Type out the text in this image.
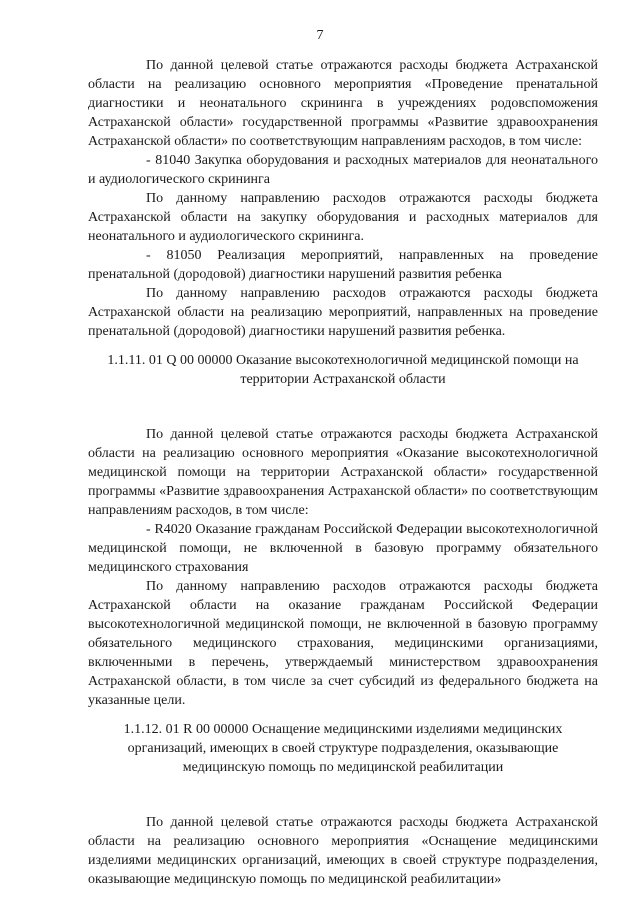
7

По данной целевой статье отражаются расходы бюджета Астраханской области на реализацию основного мероприятия «Проведение пренатальной диагностики и неонатального скрининга в учреждениях родовспоможения Астраханской области» государственной программы «Развитие здравоохранения Астраханской области» по соответствующим направлениям расходов, в том числе:

- 81040 Закупка оборудования и расходных материалов для неонатального и аудиологического скрининга

По данному направлению расходов отражаются расходы бюджета Астраханской области на закупку оборудования и расходных материалов для неонатального и аудиологического скрининга.

- 81050 Реализация мероприятий, направленных на проведение пренатальной (дородовой) диагностики нарушений развития ребенка

По данному направлению расходов отражаются расходы бюджета Астраханской области на реализацию мероприятий, направленных на проведение пренатальной (дородовой) диагностики нарушений развития ребенка.

1.1.11. 01 Q 00 00000 Оказание высокотехнологичной медицинской помощи на территории Астраханской области

По данной целевой статье отражаются расходы бюджета Астраханской области на реализацию основного мероприятия «Оказание высокотехнологичной медицинской помощи на территории Астраханской области» государственной программы «Развитие здравоохранения Астраханской области» по соответствующим направлениям расходов, в том числе:

- R4020 Оказание гражданам Российской Федерации высокотехнологичной медицинской помощи, не включенной в базовую программу обязательного медицинского страхования

По данному направлению расходов отражаются расходы бюджета Астраханской области на оказание гражданам Российской Федерации высокотехнологичной медицинской помощи, не включенной в базовую программу обязательного медицинского страхования, медицинскими организациями, включенными в перечень, утверждаемый министерством здравоохранения Астраханской области, в том числе за счет субсидий из федерального бюджета на указанные цели.

1.1.12. 01 R 00 00000 Оснащение медицинскими изделиями медицинских организаций, имеющих в своей структуре подразделения, оказывающие медицинскую помощь по медицинской реабилитации

По данной целевой статье отражаются расходы бюджета Астраханской области на реализацию основного мероприятия «Оснащение медицинскими изделиями медицинских организаций, имеющих в своей структуре подразделения, оказывающие медицинскую помощь по медицинской реабилитации»
